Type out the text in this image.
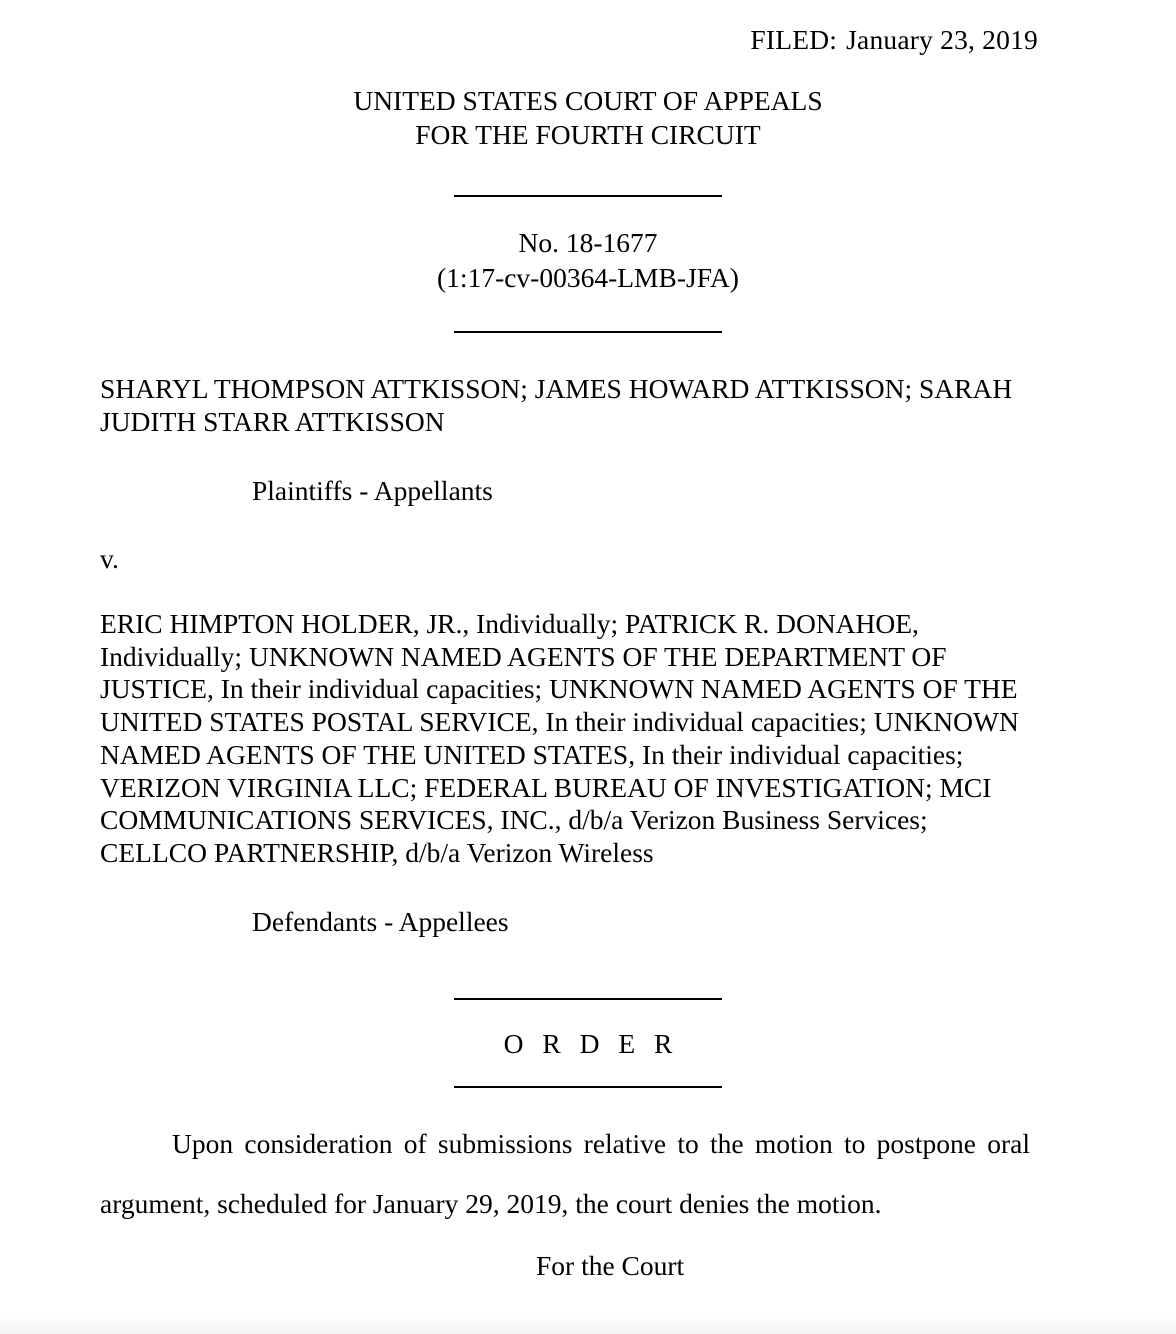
FILED: January 23, 2019
UNITED STATES COURT OF APPEALS
FOR THE FOURTH CIRCUIT
No. 18-1677
(1:17-cv-00364-LMB-JFA)
SHARYL THOMPSON ATTKISSON; JAMES HOWARD ATTKISSON; SARAH JUDITH STARR ATTKISSON
Plaintiffs - Appellants
v.
ERIC HIMPTON HOLDER, JR., Individually; PATRICK R. DONAHOE, Individually; UNKNOWN NAMED AGENTS OF THE DEPARTMENT OF JUSTICE, In their individual capacities; UNKNOWN NAMED AGENTS OF THE UNITED STATES POSTAL SERVICE, In their individual capacities; UNKNOWN NAMED AGENTS OF THE UNITED STATES, In their individual capacities; VERIZON VIRGINIA LLC; FEDERAL BUREAU OF INVESTIGATION; MCI COMMUNICATIONS SERVICES, INC., d/b/a Verizon Business Services; CELLCO PARTNERSHIP, d/b/a Verizon Wireless
Defendants - Appellees
O R D E R
Upon consideration of submissions relative to the motion to postpone oral argument, scheduled for January 29, 2019, the court denies the motion.
For the Court
